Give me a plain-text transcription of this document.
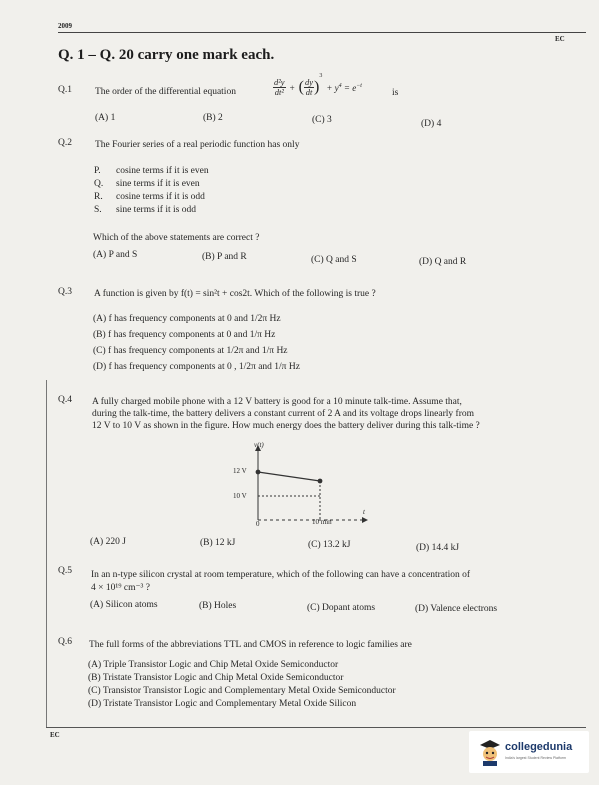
2009
EC
Q. 1 – Q. 20 carry one mark each.
Q.1 The order of the differential equation	$\frac{\text{d²y}}{\text{dt²}}$ + ( $\frac{dy}{dt} )^3 + y^4 = e^{-t}$
is
(A) 1	(B) 2	(C) 3	(D) 4
Q.2 The Fourier series of a real periodic function has only
P. cosine terms if it is even
Q. sine terms if it is even
R. cosine terms if it is odd
S. sine terms if it is odd
Which of the above statements are correct ?
(A) P and S	(B) P and R	(C) Q and S	(D) Q and R
Q.3 A function is given by f(t) = sin²t + cos2t. Which of the following is true ?
(A) f has frequency components at 0 and 1/2π Hz
(B) f has frequency components at 0 and 1/π Hz
(C) f has frequency components at 1/2π and 1/π Hz
(D) f has frequency components at 0 , 1/2π and 1/π Hz
Q.4 A fully charged mobile phone with a 12 V battery is good for a 10 minute talk-time. Assume that,
during the talk-time, the battery delivers a constant current of 2 A and its voltage drops linearly from
12 V to 10 V as shown in the figure. How much energy does the battery deliver during this talk-time ?
v(t)
t
12 V
10 V
0	10 min
(A) 220 J	(B) 12 kJ	(C) 13.2 kJ	(D) 14.4 kJ
Q.5 In an n-type silicon crystal at room temperature, which of the following can have a concentration of
4 × 10¹⁹ cm⁻³ ?
(A) Silicon atoms	(B) Holes	(C) Dopant atoms	(D) Valence electrons
Q.6 The full forms of the abbreviations TTL and CMOS in reference to logic families are
(A) Triple Transistor Logic and Chip Metal Oxide Semiconductor
(B) Tristate Transistor Logic and Chip Metal Oxide Semiconductor
(C) Transistor Transistor Logic and Complementary Metal Oxide Semiconductor
(D) Tristate Transistor Logic and Complementary Metal Oxide Silicon
EC
collegedunia
India's largest Student Review Platform
